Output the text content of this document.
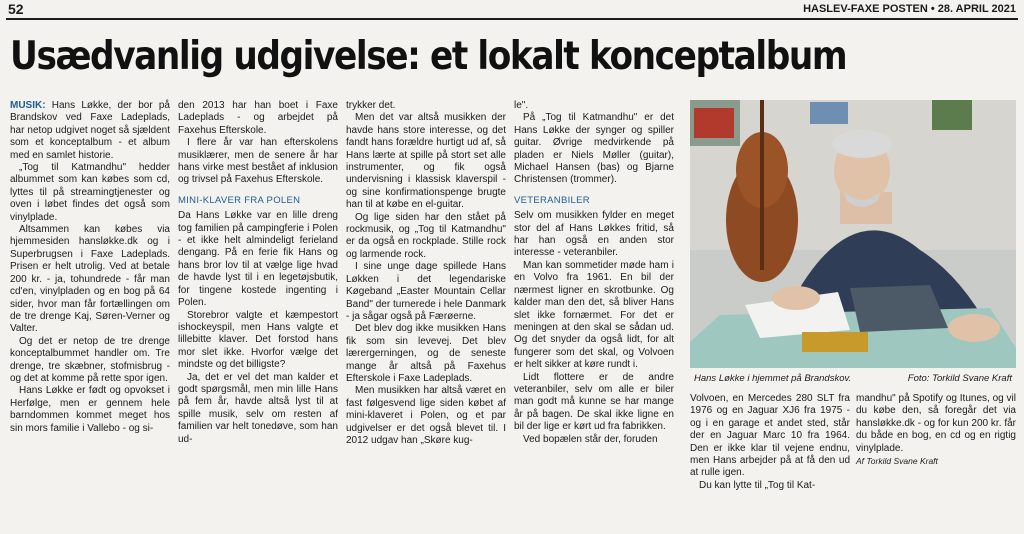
52	HASLEV-FAXE POSTEN • 28. APRIL 2021
Usædvanlig udgivelse: et lokalt konceptalbum

MUSIK: Hans Løkke, der bor på Brandskov ved Faxe Ladeplads, har netop udgivet noget så sjældent som et konceptalbum - et album med en samlet historie.

„Tog til Katmandhu" hedder albummet som kan købes som cd, lyttes til på streamingtjenester og oven i løbet findes det også som vinylplade.

Altsammen kan købes via hjemmesiden hansløkke.dk og i Superbrugsen i Faxe Ladeplads. Prisen er helt utrolig. Ved at betale 200 kr. - ja, tohundrede - får man cd'en, vinylpladen og en bog på 64 sider, hvor man får fortællingen om de tre drenge Kaj, Søren-Verner og Valter.

Og det er netop de tre drenge konceptalbummet handler om. Tre drenge, tre skæbner, stofmisbrug - og det at komme på rette spor igen.

Hans Løkke er født og opvokset i Herfølge, men er gennem hele barndommen kommet meget hos sin mors familie i Vallebo - og si-

den 2013 har han boet i Faxe Ladeplads - og arbejdet på Faxehus Efterskole.

I flere år var han efterskolens musiklærer, men de senere år har hans virke mest bestået af inklusion og trivsel på Faxehus Efterskole.

MINI-KLAVER FRA POLEN

Da Hans Løkke var en lille dreng tog familien på campingferie i Polen - et ikke helt almindeligt ferieland dengang. På en ferie fik Hans og hans bror lov til at vælge lige hvad de havde lyst til i en legetøjsbutik, for tingene kostede ingenting i Polen.

Storebror valgte et kæmpestort ishockeyspil, men Hans valgte et lillebitte klaver. Det forstod hans mor slet ikke. Hvorfor vælge det mindste og det billigste?

Ja, det er vel det man kalder et godt spørgsmål, men min lille Hans på fem år, havde altså lyst til at spille musik, selv om resten af familien var helt tonedøve, som han ud-

trykker det.

Men det var altså musikken der havde hans store interesse, og det fandt hans forældre hurtigt ud af, så Hans lærte at spille på stort set alle instrumenter, og fik også undervisning i klassisk klaverspil - og sine konfirmationspenge brugte han til at købe en el-guitar.

Og lige siden har den stået på rockmusik, og „Tog til Katmandhu" er da også en rockplade. Stille rock og larmende rock.

I sine unge dage spillede Hans Løkken i det legendariske Køgeband „Easter Mountain Cellar Band" der turnerede i hele Danmark - ja sågar også på Færøerne.

Det blev dog ikke musikken Hans fik som sin levevej. Det blev lærergerningen, og de seneste mange år altså på Faxehus Efterskole i Faxe Ladeplads.

Men musikken har altså været en fast følgesvend lige siden købet af mini-klaveret i Polen, og et par udgivelser er det også blevet til. I 2012 udgav han „Skøre kug-

le".

På „Tog til Katmandhu" er det Hans Løkke der synger og spiller guitar. Øvrige medvirkende på pladen er Niels Møller (guitar), Michael Hansen (bas) og Bjarne Christensen (trommer).

VETERANBILER

Selv om musikken fylder en meget stor del af Hans Løkkes fritid, så har han også en anden stor interesse - veteranbiler.

Man kan sommetider møde ham i en Volvo fra 1961. En bil der nærmest ligner en skrotbunke. Og kalder man den det, så bliver Hans slet ikke fornærmet. For det er meningen at den skal se sådan ud. Og det snyder da også lidt, for alt fungerer som det skal, og Volvoen er helt sikker at køre rundt i.

Lidt flottere er de andre veteranbiler, selv om alle er biler man godt må kunne se har mange år på bagen. De skal ikke ligne en bil der lige er kørt ud fra fabrikken.

Ved bopælen står der, foruden

Hans Løkke i hjemmet på Brandskov.	Foto: Torkild Svane Kraft

Volvoen, en Mercedes 280 SLT fra 1976 og en Jaguar XJ6 fra 1975 - og i en garage et andet sted, står der en Jaguar Marc 10 fra 1964. Den er ikke klar til vejene endnu, men Hans arbejder på at få den ud at rulle igen.

Du kan lytte til „Tog til Kat-

mandhu" på Spotify og Itunes, og vil du købe den, så foregår det via hansløkke.dk - og for kun 200 kr. får du både en bog, en cd og en rigtig vinylplade.

Af Torkild Svane Kraft
